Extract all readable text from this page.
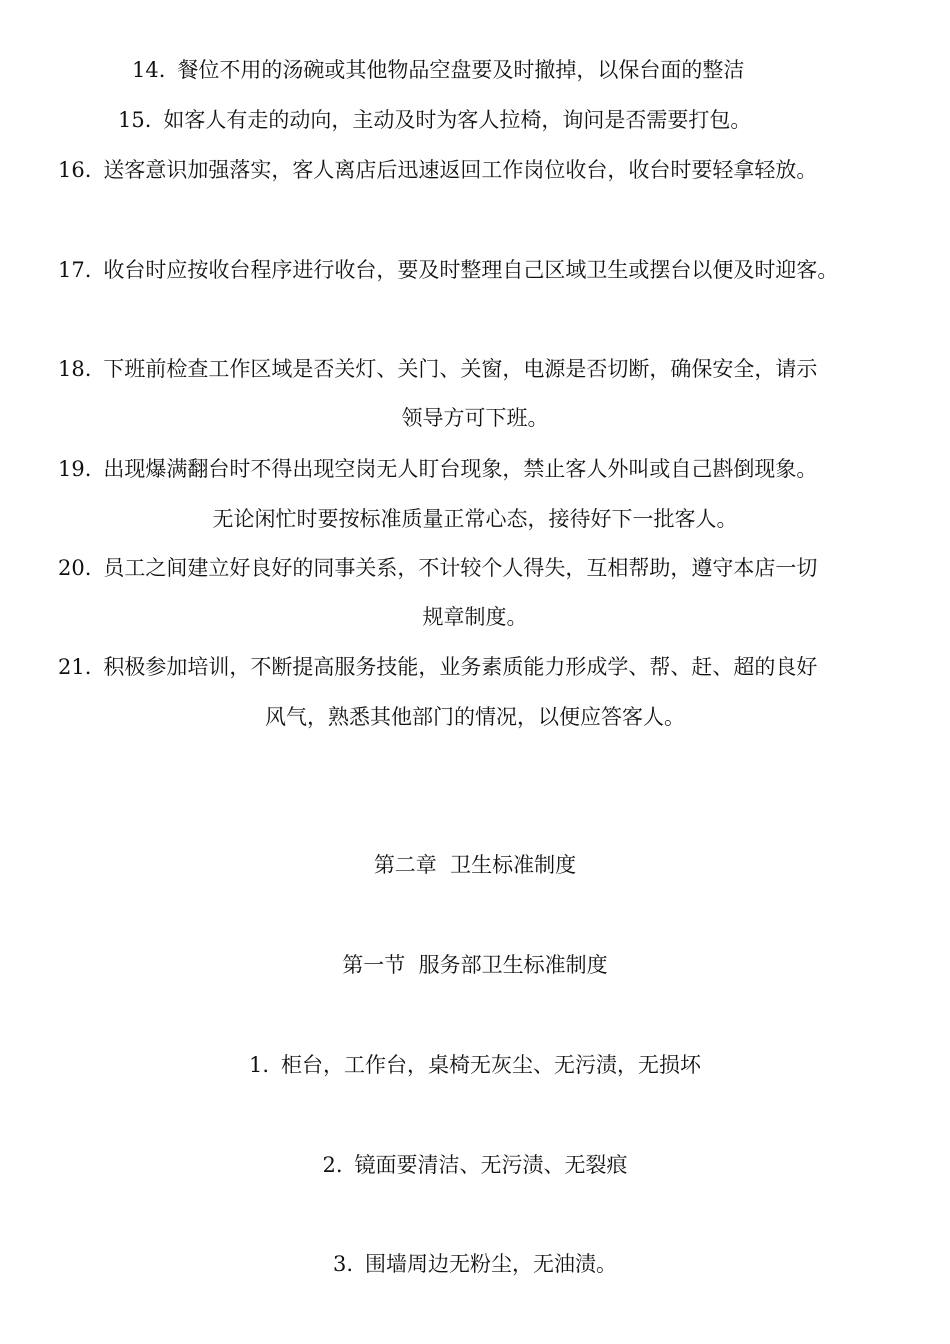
14. 餐位不用的汤碗或其他物品空盘要及时撤掉，以保台面的整洁
15. 如客人有走的动向，主动及时为客人拉椅，询问是否需要打包。
16. 送客意识加强落实，客人离店后迅速返回工作岗位收台，收台时要轻拿轻放。
17. 收台时应按收台程序进行收台，要及时整理自己区域卫生或摆台以便及时迎客。
18. 下班前检查工作区域是否关灯、关门、关窗，电源是否切断，确保安全，请示
领导方可下班。
19. 出现爆满翻台时不得出现空岗无人盯台现象，禁止客人外叫或自己斟倒现象。
无论闲忙时要按标准质量正常心态，接待好下一批客人。
20. 员工之间建立好良好的同事关系，不计较个人得失，互相帮助，遵守本店一切
规章制度。
21. 积极参加培训，不断提高服务技能，业务素质能力形成学、帮、赶、超的良好
风气，熟悉其他部门的情况，以便应答客人。
第二章  卫生标准制度
第一节  服务部卫生标准制度
1. 柜台，工作台，桌椅无灰尘、无污渍，无损坏
2. 镜面要清洁、无污渍、无裂痕
3. 围墙周边无粉尘，无油渍。
